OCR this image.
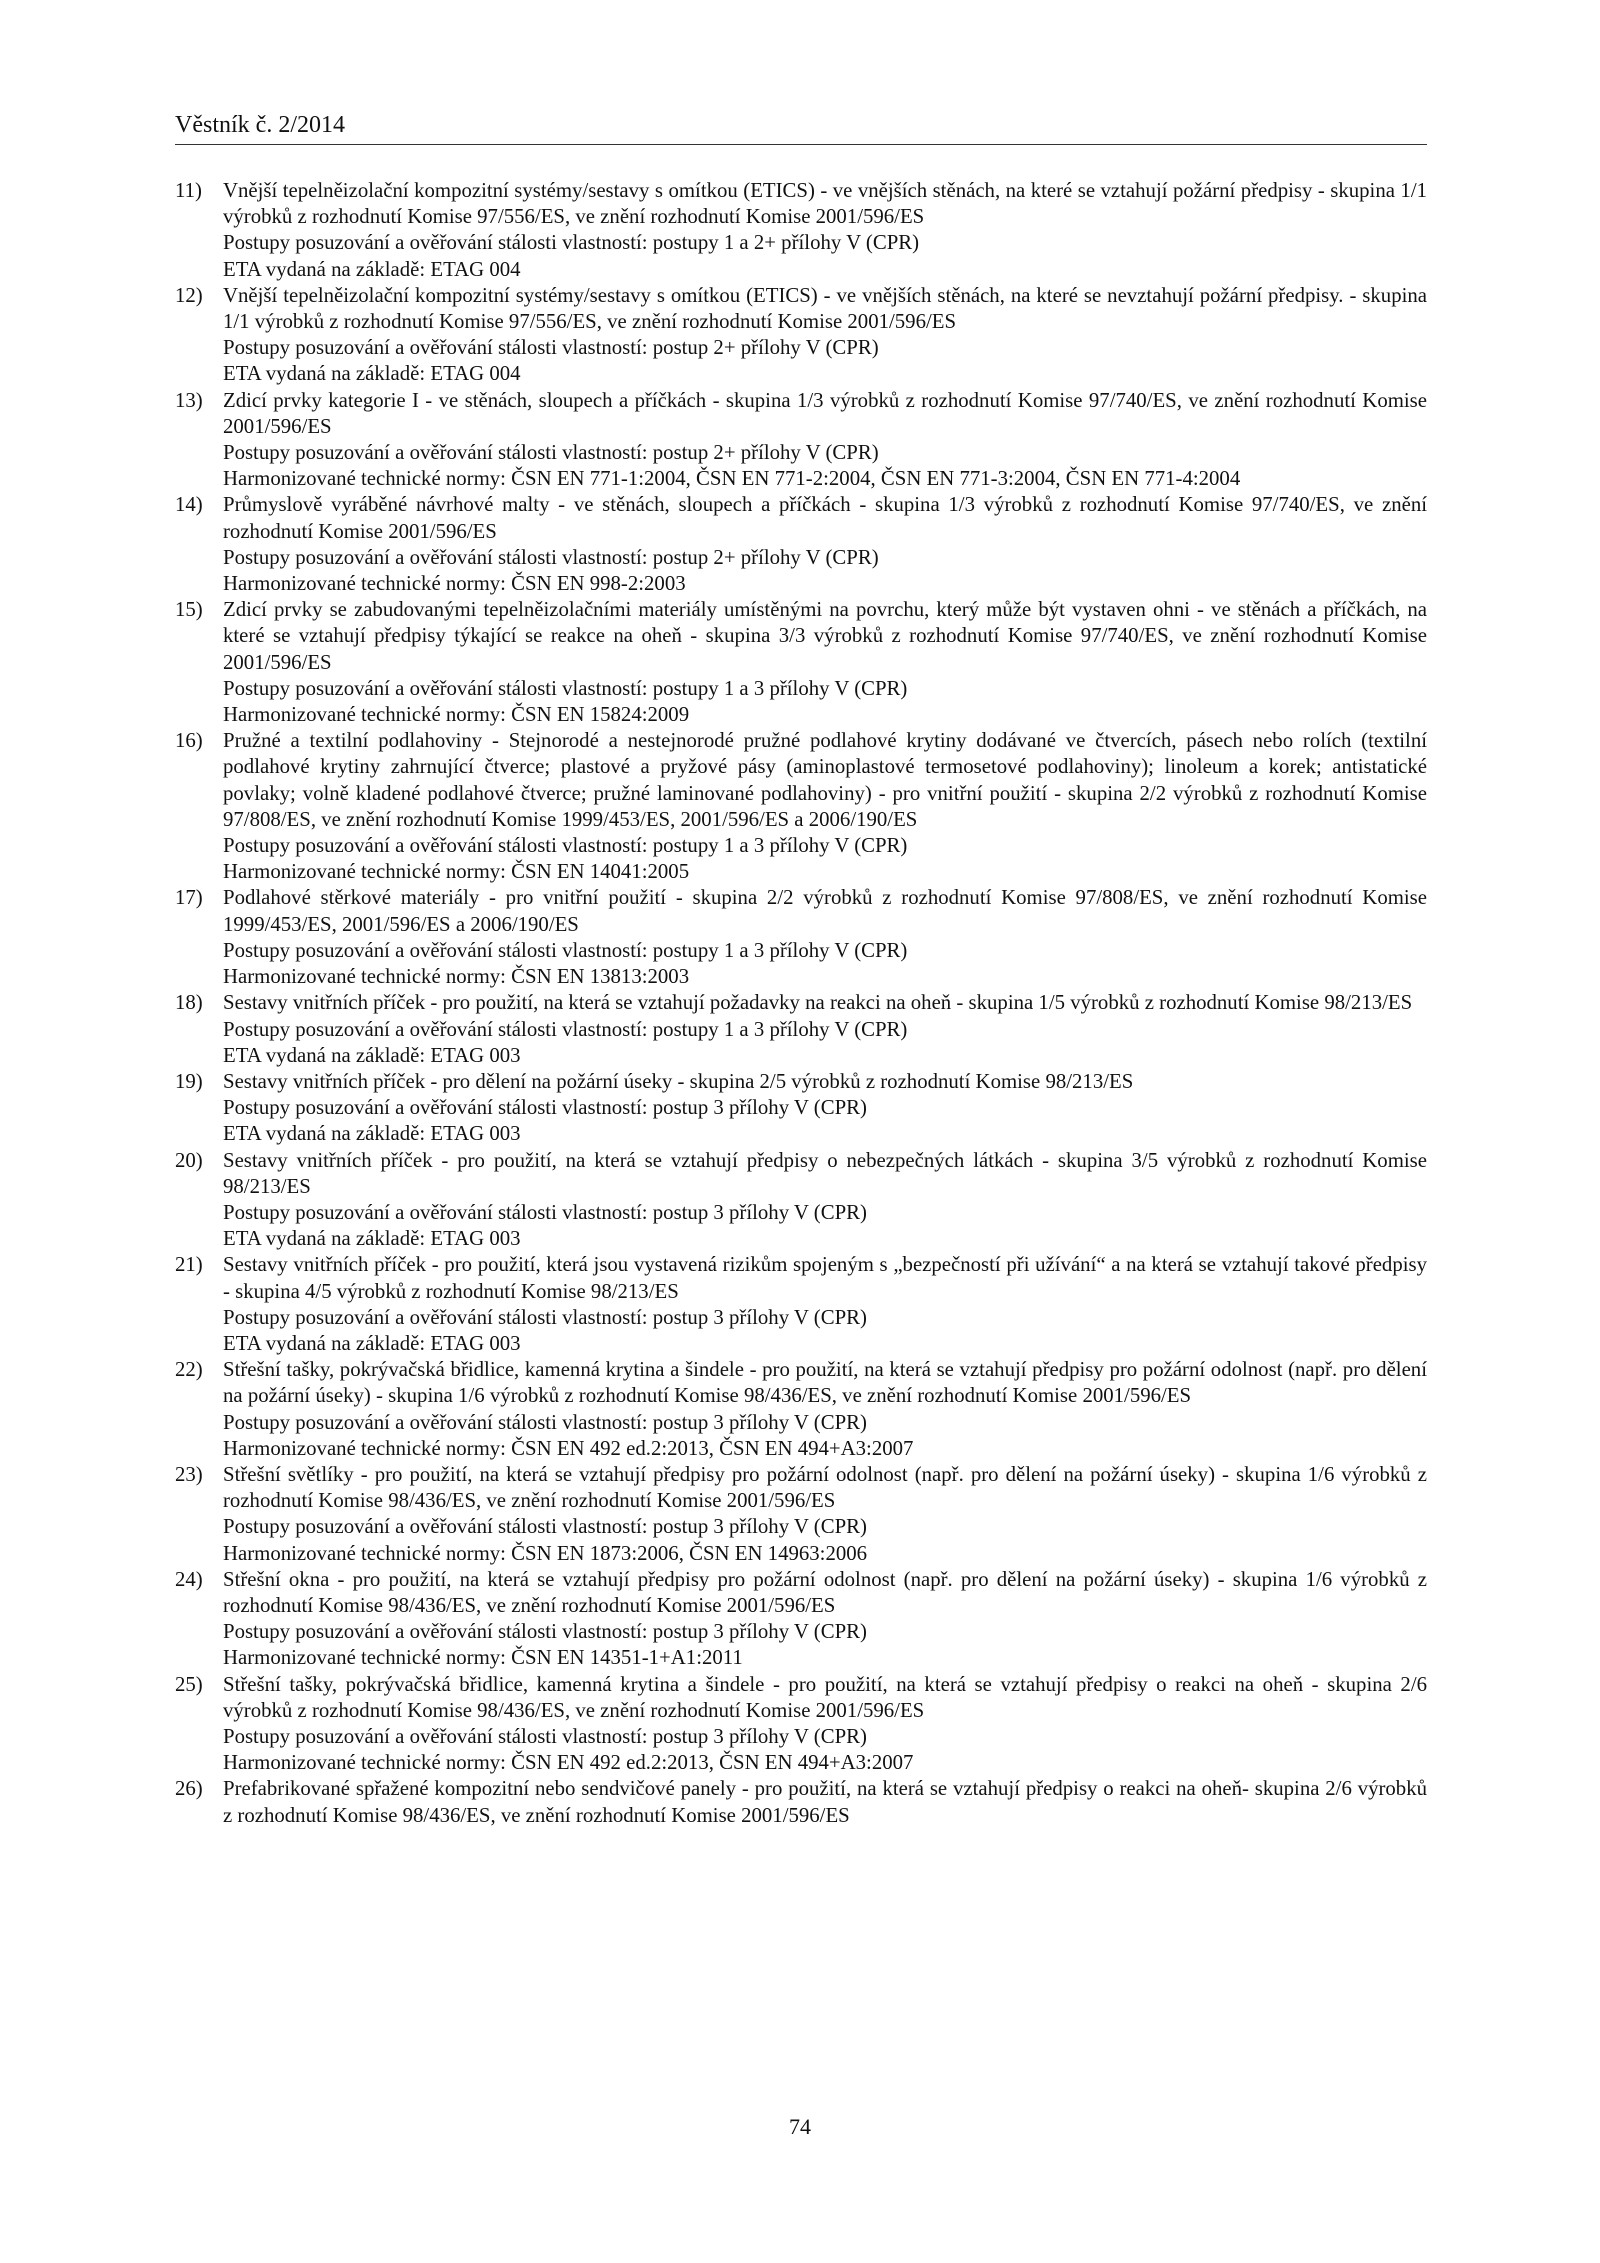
Věstník č. 2/2014
11)	Vnější tepelněizolační kompozitní systémy/sestavy s omítkou (ETICS) - ve vnějších stěnách, na které se vztahují požární předpisy - skupina 1/1 výrobků z rozhodnutí Komise 97/556/ES, ve znění rozhodnutí Komise 2001/596/ES
Postupy posuzování a ověřování stálosti vlastností: postupy 1 a 2+ přílohy V (CPR)
ETA vydaná na základě: ETAG 004
12) Vnější tepelněizolační kompozitní systémy/sestavy s omítkou (ETICS) - ve vnějších stěnách, na které se nevztahují požární předpisy. - skupina 1/1 výrobků z rozhodnutí Komise 97/556/ES, ve znění rozhodnutí Komise 2001/596/ES
Postupy posuzování a ověřování stálosti vlastností: postup 2+ přílohy V (CPR)
ETA vydaná na základě: ETAG 004
13) Zdicí prvky kategorie I - ve stěnách, sloupech a příčkách - skupina 1/3 výrobků z rozhodnutí Komise 97/740/ES, ve znění rozhodnutí Komise 2001/596/ES
Postupy posuzování a ověřování stálosti vlastností: postup 2+ přílohy V (CPR)
Harmonizované technické normy: ČSN EN 771-1:2004, ČSN EN 771-2:2004, ČSN EN 771-3:2004, ČSN EN 771-4:2004
14) Průmyslově vyráběné návrhové malty - ve stěnách, sloupech a příčkách - skupina 1/3 výrobků z rozhodnutí Komise 97/740/ES, ve znění rozhodnutí Komise 2001/596/ES
Postupy posuzování a ověřování stálosti vlastností: postup 2+ přílohy V (CPR)
Harmonizované technické normy: ČSN EN 998-2:2003
15) Zdicí prvky se zabudovanými tepelněizolačními materiály umístěnými na povrchu, který může být vystaven ohni - ve stěnách a příčkách, na které se vztahují předpisy týkající se reakce na oheň - skupina 3/3 výrobků z rozhodnutí Komise 97/740/ES, ve znění rozhodnutí Komise 2001/596/ES
Postupy posuzování a ověřování stálosti vlastností: postupy 1 a 3 přílohy V (CPR)
Harmonizované technické normy: ČSN EN 15824:2009
16) Pružné a textilní podlahoviny - Stejnorodé a nestejnorodé pružné podlahové krytiny dodávané ve čtvercích, pásech nebo rolích (textilní podlahové krytiny zahrnující čtverce; plastové a pryžové pásy (aminoplastové termosetové podlahoviny); linoleum a korek; antistatické povlaky; volně kladené podlahové čtverce; pružné laminované podlahoviny) - pro vnitřní použití - skupina 2/2 výrobků z rozhodnutí Komise 97/808/ES, ve znění rozhodnutí Komise 1999/453/ES, 2001/596/ES a 2006/190/ES
Postupy posuzování a ověřování stálosti vlastností: postupy 1 a 3 přílohy V (CPR)
Harmonizované technické normy: ČSN EN 14041:2005
17) Podlahové stěrkové materiály - pro vnitřní použití - skupina 2/2 výrobků z rozhodnutí Komise 97/808/ES, ve znění rozhodnutí Komise 1999/453/ES, 2001/596/ES a 2006/190/ES
Postupy posuzování a ověřování stálosti vlastností: postupy 1 a 3 přílohy V (CPR)
Harmonizované technické normy: ČSN EN 13813:2003
18) Sestavy vnitřních příček - pro použití, na která se vztahují požadavky na reakci na oheň - skupina 1/5 výrobků z rozhodnutí Komise 98/213/ES
Postupy posuzování a ověřování stálosti vlastností: postupy 1 a 3 přílohy V (CPR)
ETA vydaná na základě: ETAG 003
19) Sestavy vnitřních příček - pro dělení na požární úseky - skupina 2/5 výrobků z rozhodnutí Komise 98/213/ES
Postupy posuzování a ověřování stálosti vlastností: postup 3 přílohy V (CPR)
ETA vydaná na základě: ETAG 003
20) Sestavy vnitřních příček - pro použití, na která se vztahují předpisy o nebezpečných látkách - skupina 3/5 výrobků z rozhodnutí Komise 98/213/ES
Postupy posuzování a ověřování stálosti vlastností: postup 3 přílohy V (CPR)
ETA vydaná na základě: ETAG 003
21) Sestavy vnitřních příček - pro použití, která jsou vystavená rizikům spojeným s „bezpečností při užívání“ a na která se vztahují takové předpisy - skupina 4/5 výrobků z rozhodnutí Komise 98/213/ES
Postupy posuzování a ověřování stálosti vlastností: postup 3 přílohy V (CPR)
ETA vydaná na základě: ETAG 003
22) Střešní tašky, pokrývačská břidlice, kamenná krytina a šindele - pro použití, na která se vztahují předpisy pro požární odolnost (např. pro dělení na požární úseky) - skupina 1/6 výrobků z rozhodnutí Komise 98/436/ES, ve znění rozhodnutí Komise 2001/596/ES
Postupy posuzování a ověřování stálosti vlastností: postup 3 přílohy V (CPR)
Harmonizované technické normy: ČSN EN 492 ed.2:2013, ČSN EN 494+A3:2007
23) Střešní světlíky - pro použití, na která se vztahují předpisy pro požární odolnost (např. pro dělení na požární úseky) - skupina 1/6 výrobků z rozhodnutí Komise 98/436/ES, ve znění rozhodnutí Komise 2001/596/ES
Postupy posuzování a ověřování stálosti vlastností: postup 3 přílohy V (CPR)
Harmonizované technické normy: ČSN EN 1873:2006, ČSN EN 14963:2006
24) Střešní okna - pro použití, na která se vztahují předpisy pro požární odolnost (např. pro dělení na požární úseky) - skupina 1/6 výrobků z rozhodnutí Komise 98/436/ES, ve znění rozhodnutí Komise 2001/596/ES
Postupy posuzování a ověřování stálosti vlastností: postup 3 přílohy V (CPR)
Harmonizované technické normy: ČSN EN 14351-1+A1:2011
25) Střešní tašky, pokrývačská břidlice, kamenná krytina a šindele - pro použití, na která se vztahují předpisy o reakci na oheň - skupina 2/6 výrobků z rozhodnutí Komise 98/436/ES, ve znění rozhodnutí Komise 2001/596/ES
Postupy posuzování a ověřování stálosti vlastností: postup 3 přílohy V (CPR)
Harmonizované technické normy: ČSN EN 492 ed.2:2013, ČSN EN 494+A3:2007
26) Prefabrikované spřažené kompozitní nebo sendvičové panely - pro použití, na která se vztahují předpisy o reakci na oheň- skupina 2/6 výrobků z rozhodnutí Komise 98/436/ES, ve znění rozhodnutí Komise 2001/596/ES
74
